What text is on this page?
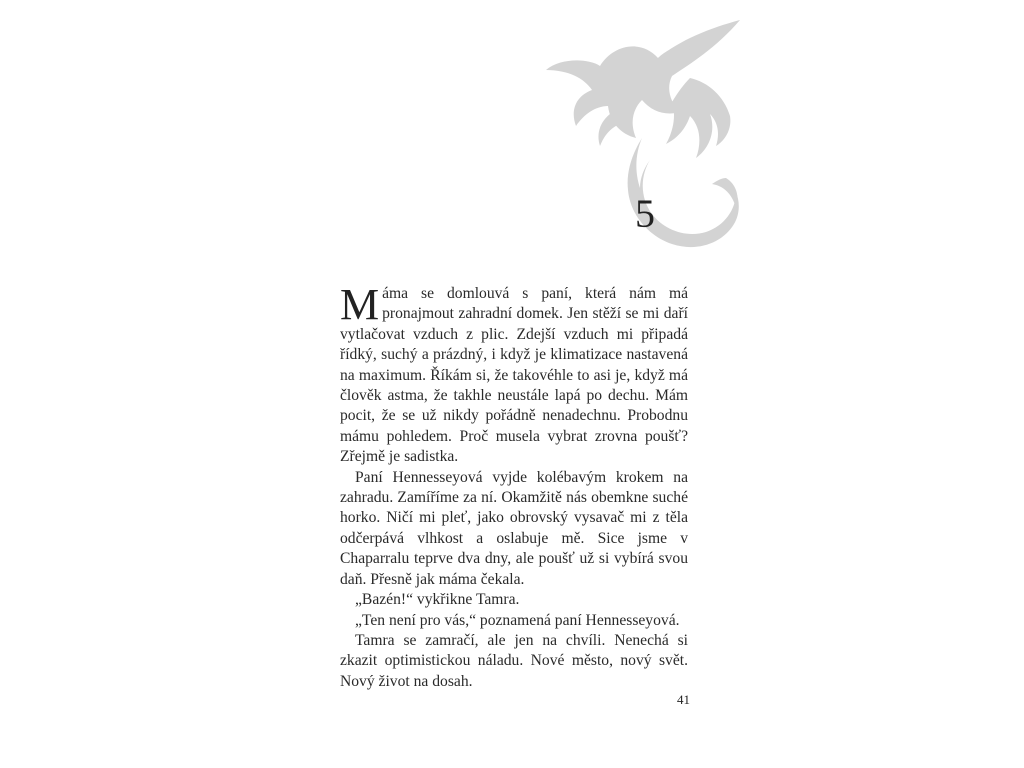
5

Máma se domlouvá s paní, která nám má pronajmout zahradní domek. Jen stěží se mi daří vytlačovat vzduch z plic. Zdejší vzduch mi připadá řídký, suchý a prázdný, i když je klimatizace nastavená na maximum. Říkám si, že takovéhle to asi je, když má člověk astma, že takhle neustále lapá po dechu. Mám pocit, že se už nikdy pořádně nenadechnu. Probodnu mámu pohledem. Proč musela vybrat zrovna poušť? Zřejmě je sadistka.

Paní Hennesseyová vyjde kolébavým krokem na zahradu. Zamíříme za ní. Okamžitě nás obemkne suché horko. Ničí mi pleť, jako obrovský vysavač mi z těla odčerpává vlhkost a oslabuje mě. Sice jsme v Chaparralu teprve dva dny, ale poušť už si vybírá svou daň. Přesně jak máma čekala.

„Bazén!“ vykřikne Tamra.

„Ten není pro vás,“ poznamená paní Hennesseyová.

Tamra se zamračí, ale jen na chvíli. Nenechá si zkazit optimistickou náladu. Nové město, nový svět. Nový život na dosah.

41
